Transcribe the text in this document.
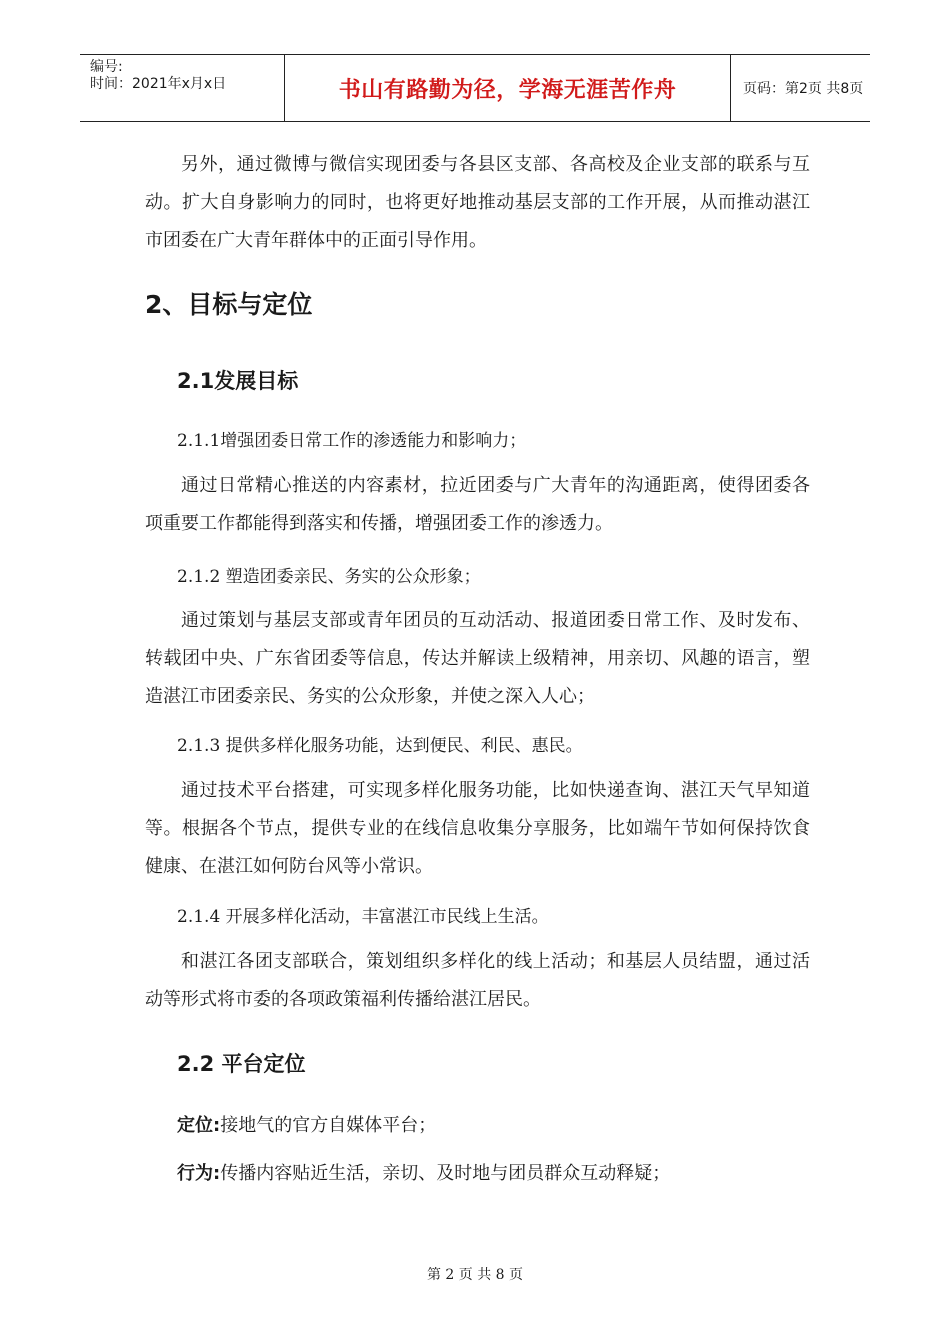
编号:
时间：2021年x月x日	书山有路勤为径，学海无涯苦作舟	页码：第2页 共8页
另外，通过微博与微信实现团委与各县区支部、各高校及企业支部的联系与互动。扩大自身影响力的同时，也将更好地推动基层支部的工作开展，从而推动湛江市团委在广大青年群体中的正面引导作用。
2、目标与定位
2.1发展目标
2.1.1增强团委日常工作的渗透能力和影响力；
通过日常精心推送的内容素材，拉近团委与广大青年的沟通距离，使得团委各项重要工作都能得到落实和传播，增强团委工作的渗透力。
2.1.2 塑造团委亲民、务实的公众形象；
通过策划与基层支部或青年团员的互动活动、报道团委日常工作、及时发布、转载团中央、广东省团委等信息，传达并解读上级精神，用亲切、风趣的语言，塑造湛江市团委亲民、务实的公众形象，并使之深入人心；
2.1.3 提供多样化服务功能，达到便民、利民、惠民。
通过技术平台搭建，可实现多样化服务功能，比如快递查询、湛江天气早知道等。根据各个节点，提供专业的在线信息收集分享服务，比如端午节如何保持饮食健康、在湛江如何防台风等小常识。
2.1.4 开展多样化活动，丰富湛江市民线上生活。
和湛江各团支部联合，策划组织多样化的线上活动；和基层人员结盟，通过活动等形式将市委的各项政策福利传播给湛江居民。
2.2 平台定位
定位:接地气的官方自媒体平台；
行为:传播内容贴近生活，亲切、及时地与团员群众互动释疑；
第 2 页 共 8 页
